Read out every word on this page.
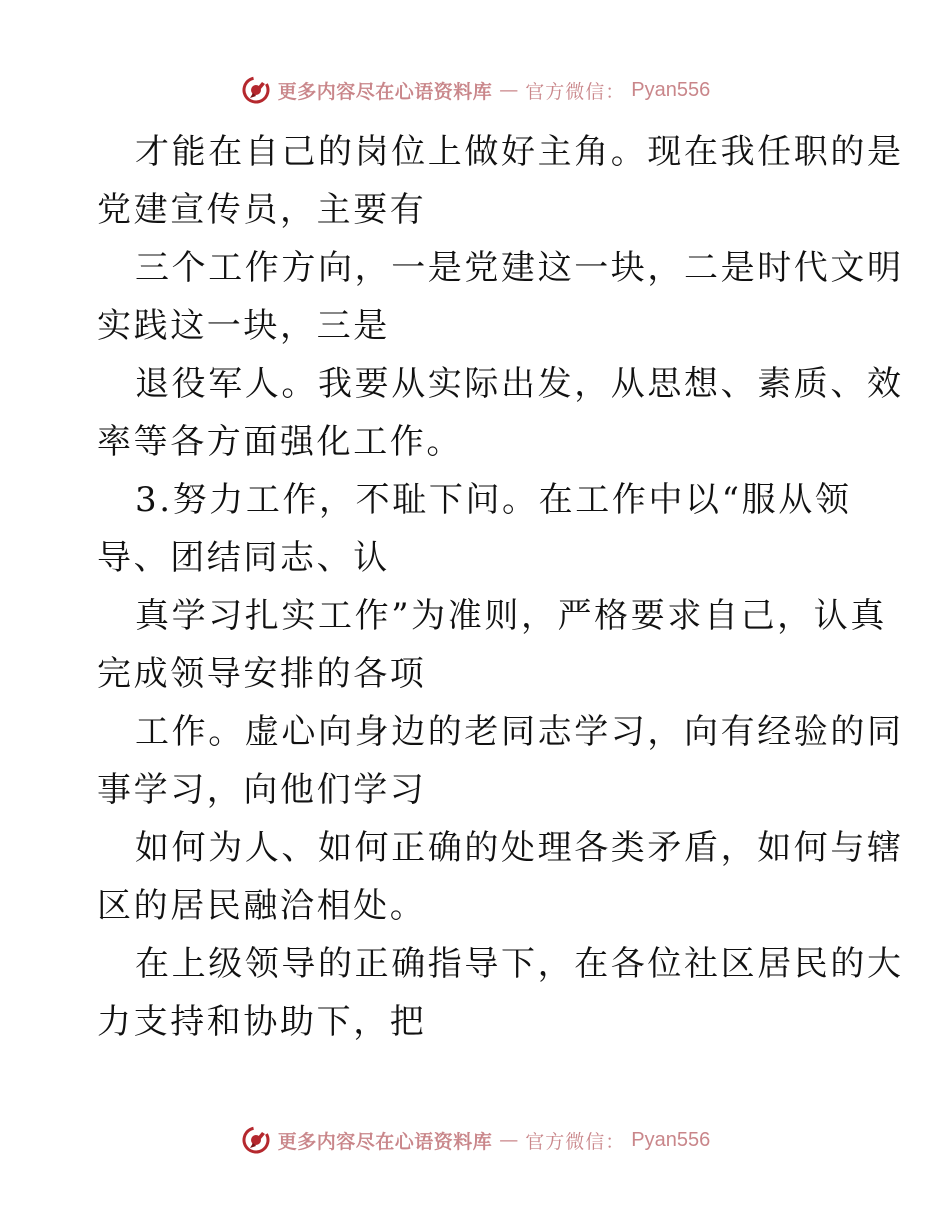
更多内容尽在心语资料库 — 官方微信： Pyan556
才能在自己的岗位上做好主角。现在我任职的是
党建宣传员，主要有
三个工作方向，一是党建这一块，二是时代文明
实践这一块，三是
退役军人。我要从实际出发，从思想、素质、效
率等各方面强化工作。
3.努力工作，不耻下问。在工作中以“服从领
导、团结同志、认
真学习扎实工作”为准则，严格要求自己，认真
完成领导安排的各项
工作。虚心向身边的老同志学习，向有经验的同
事学习，向他们学习
如何为人、如何正确的处理各类矛盾，如何与辖
区的居民融洽相处。
在上级领导的正确指导下，在各位社区居民的大
力支持和协助下，把
更多内容尽在心语资料库 — 官方微信： Pyan556
